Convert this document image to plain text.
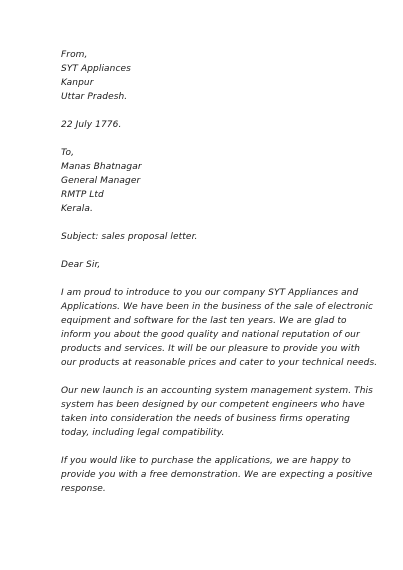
From,
SYT Appliances
Kanpur
Uttar Pradesh.
22 July 1776.
To,
Manas Bhatnagar
General Manager
RMTP Ltd
Kerala.
Subject: sales proposal letter.
Dear Sir,
I am proud to introduce to you our company SYT Appliances and
Applications. We have been in the business of the sale of electronic
equipment and software for the last ten years. We are glad to
inform you about the good quality and national reputation of our
products and services. It will be our pleasure to provide you with
our products at reasonable prices and cater to your technical needs.
Our new launch is an accounting system management system. This
system has been designed by our competent engineers who have
taken into consideration the needs of business firms operating
today, including legal compatibility.
If you would like to purchase the applications, we are happy to
provide you with a free demonstration. We are expecting a positive
response.
